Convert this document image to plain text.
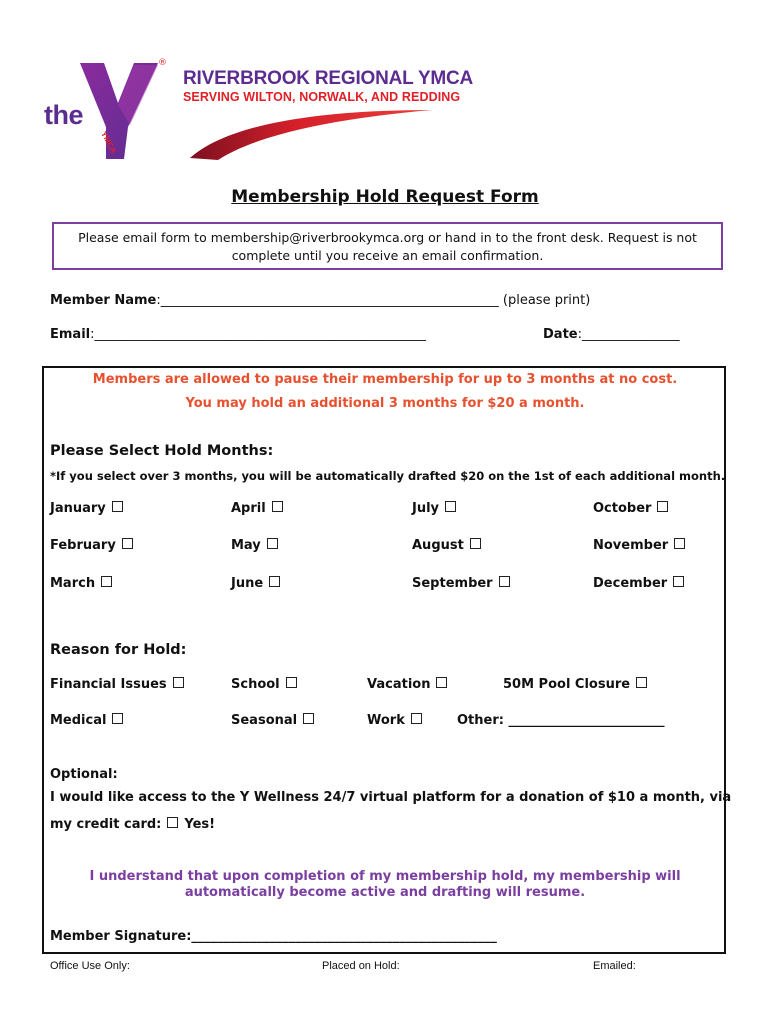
the
YMCA
®
RIVERBROOK REGIONAL YMCA
SERVING WILTON, NORWALK, AND REDDING
Membership Hold Request Form
Please email form to membership@riverbrookymca.org or hand in to the front desk. Request is not complete until you receive an email confirmation.
Member Name:____________________________________________________ (please print)
Email:___________________________________________________	Date:_______________
Members are allowed to pause their membership for up to 3 months at no cost.
You may hold an additional 3 months for $20 a month.
Please Select Hold Months:
*If you select over 3 months, you will be automatically drafted $20 on the 1st of each additional month.
January	April	July	October
February	May	August	November
March	June	September	December
Reason for Hold:
Financial Issues	School	Vacation	50M Pool Closure
Medical	Seasonal	Work	Other: ________________________
Optional:
I would like access to the Y Wellness 24/7 virtual platform for a donation of $10 a month, via
my credit card: Yes!
I understand that upon completion of my membership hold, my membership will
automatically become active and drafting will resume.
Member Signature:_______________________________________________
Office Use Only:	Placed on Hold:	Emailed:
